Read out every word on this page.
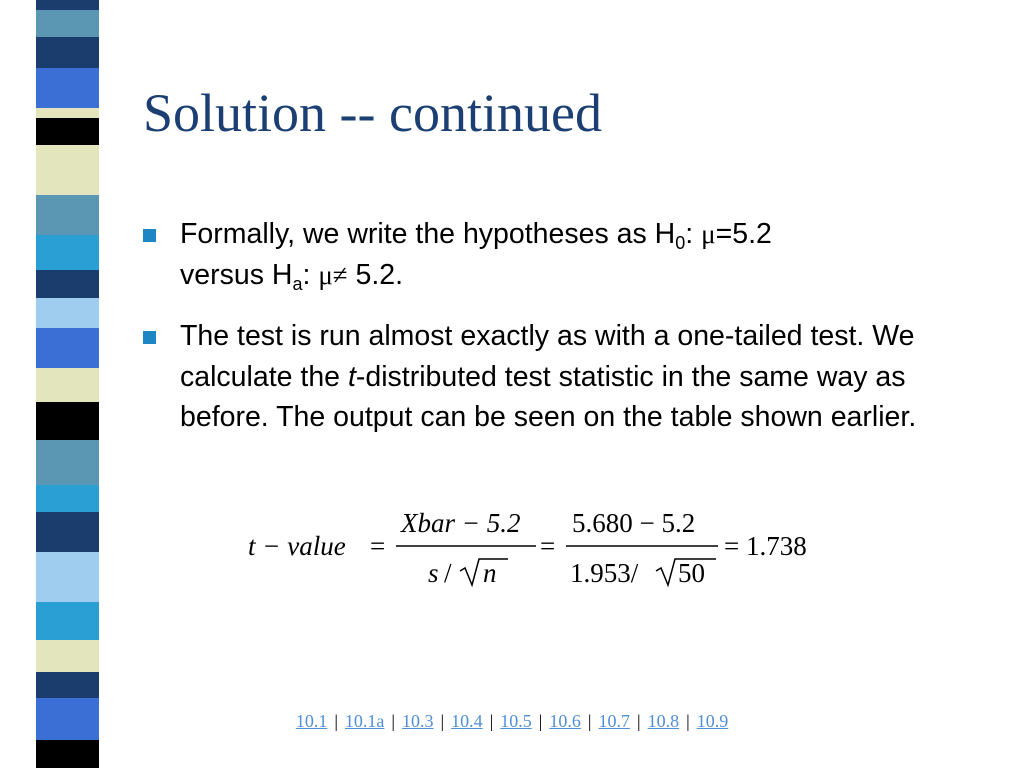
Solution -- continued
Formally, we write the hypotheses as $H_0$: μ=5.2
versus $H_a$: μ≠ 5.2.
The test is run almost exactly as with a one-tailed test. We calculate the t-distributed test statistic in the same way as before. The output can be seen on the table shown earlier.
t − value =
Xbar − 5.2
s / n
=
5.680 − 5.2
1.953/ 50
= 1.738
10.1 | 10.1a | 10.3 | 10.4 | 10.5 | 10.6 | 10.7 | 10.8 | 10.9
